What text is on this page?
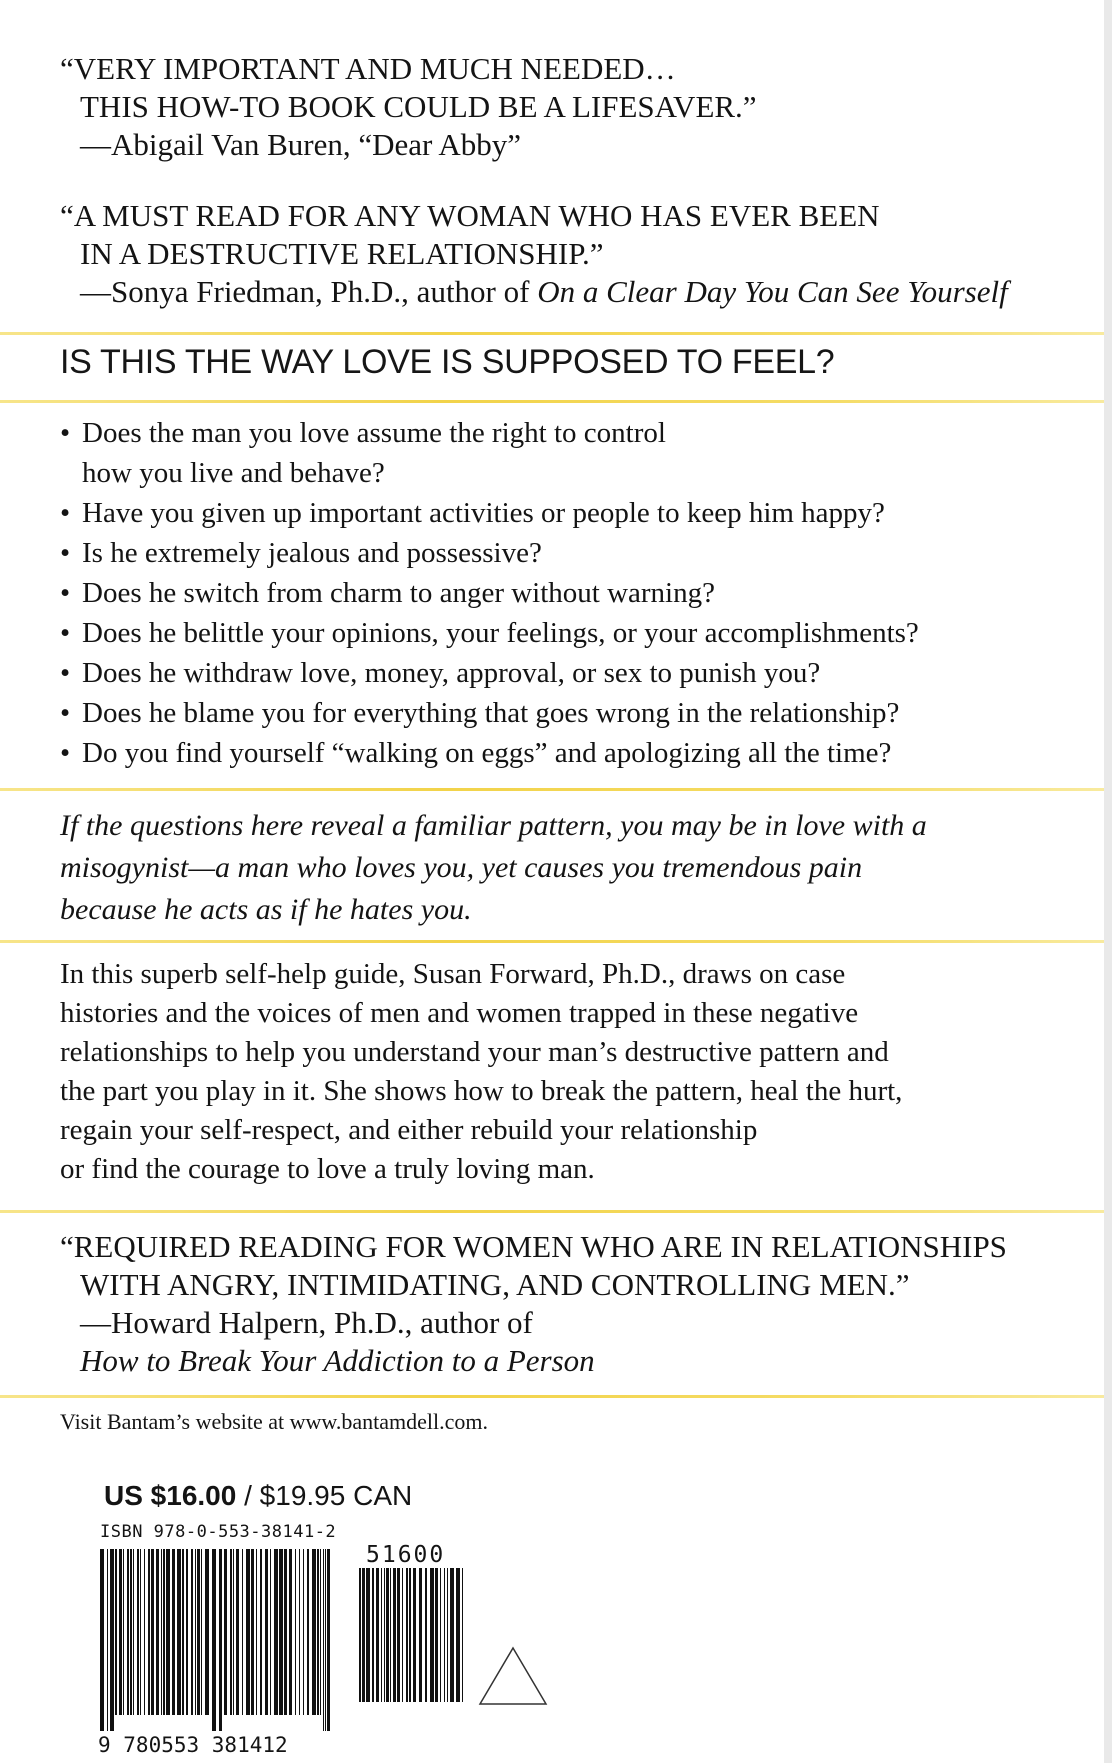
“VERY IMPORTANT AND MUCH NEEDED…
THIS HOW-TO BOOK COULD BE A LIFESAVER.”
—Abigail Van Buren, “Dear Abby”
“A MUST READ FOR ANY WOMAN WHO HAS EVER BEEN
IN A DESTRUCTIVE RELATIONSHIP.”
—Sonya Friedman, Ph.D., author of On a Clear Day You Can See Yourself
IS THIS THE WAY LOVE IS SUPPOSED TO FEEL?
• Does the man you love assume the right to control
how you live and behave?
• Have you given up important activities or people to keep him happy?
• Is he extremely jealous and possessive?
• Does he switch from charm to anger without warning?
• Does he belittle your opinions, your feelings, or your accomplishments?
• Does he withdraw love, money, approval, or sex to punish you?
• Does he blame you for everything that goes wrong in the relationship?
• Do you find yourself “walking on eggs” and apologizing all the time?
If the questions here reveal a familiar pattern, you may be in love with a
misogynist—a man who loves you, yet causes you tremendous pain
because he acts as if he hates you.
In this superb self-help guide, Susan Forward, Ph.D., draws on case
histories and the voices of men and women trapped in these negative
relationships to help you understand your man’s destructive pattern and
the part you play in it. She shows how to break the pattern, heal the hurt,
regain your self-respect, and either rebuild your relationship
or find the courage to love a truly loving man.
“REQUIRED READING FOR WOMEN WHO ARE IN RELATIONSHIPS
WITH ANGRY, INTIMIDATING, AND CONTROLLING MEN.”
—Howard Halpern, Ph.D., author of
How to Break Your Addiction to a Person
Visit Bantam’s website at www.bantamdell.com.
US $16.00 / $19.95 CAN
ISBN 978-0-553-38141-2
9 780553 381412
51600
